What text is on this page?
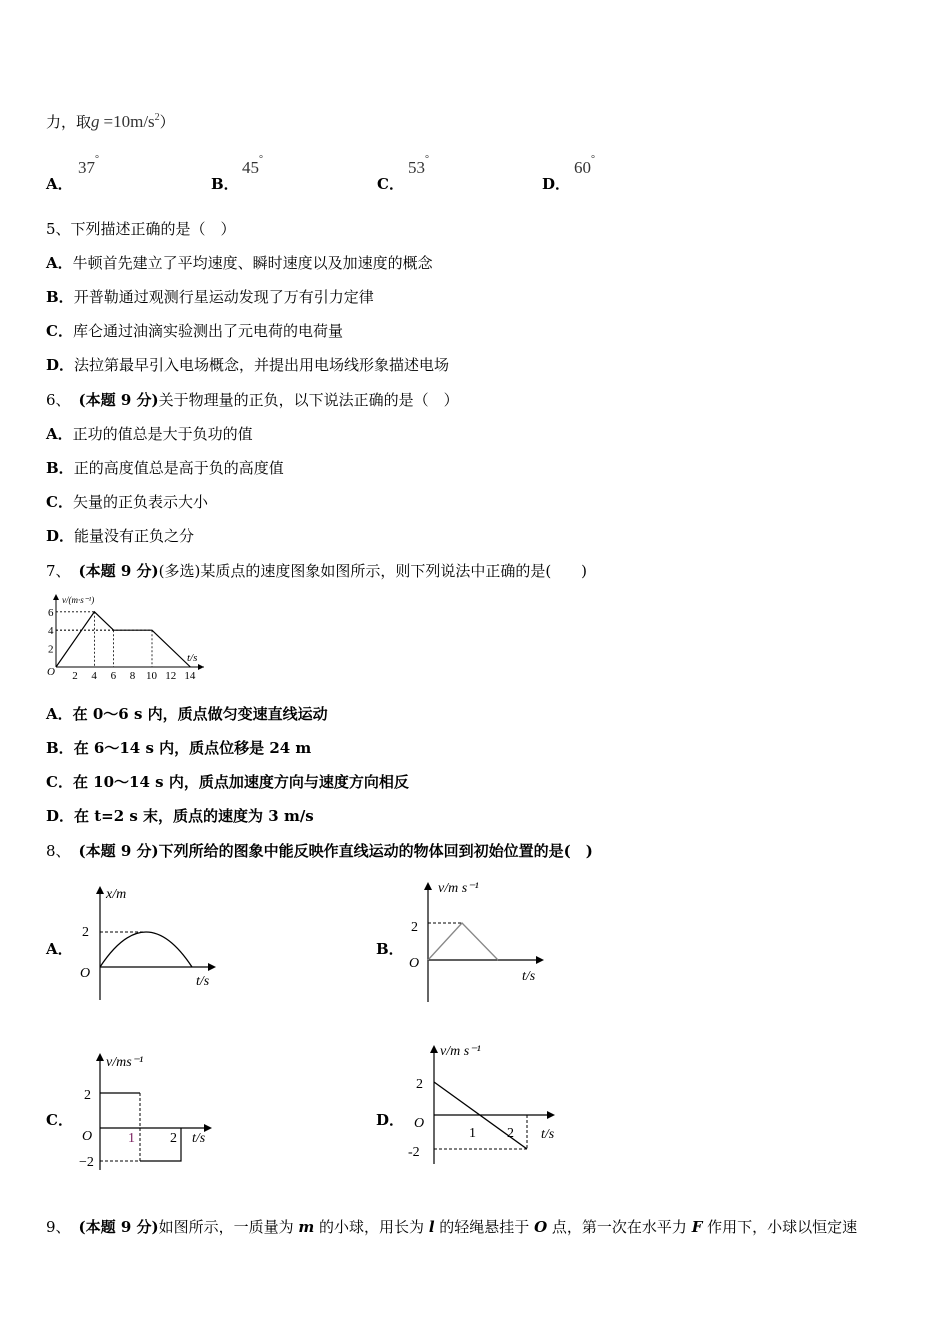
力，取$g =10m/s^2$）
A．
37°
B．
45°
C．
53°
D．
60°
5、下列描述正确的是（　）
A．牛顿首先建立了平均速度、瞬时速度以及加速度的概念
B．开普勒通过观测行星运动发现了万有引力定律
C．库仑通过油滴实验测出了元电荷的电荷量
D．法拉第最早引入电场概念，并提出用电场线形象描述电场
6、 (本题 9 分)关于物理量的正负，以下说法正确的是（　）
A．正功的值总是大于负功的值
B．正的高度值总是高于负的高度值
C．矢量的正负表示大小
D．能量没有正负之分
7、 (本题 9 分)(多选)某质点的速度图象如图所示，则下列说法中正确的是(　　)
v/(m·s⁻¹)
t/s
O 2 4 6 8 10 12 14
2
4
6
A．在 0～6 s 内，质点做匀变速直线运动
B．在 6～14 s 内，质点位移是 24 m
C．在 10～14 s 内，质点加速度方向与速度方向相反
D．在 t=2 s 末，质点的速度为 3 m/s
8、 (本题 9 分)下列所给的图象中能反映作直线运动的物体回到初始位置的是(　)
A．
x/m
2
O
t/s
B．
v/m s⁻¹
2
O
t/s
C．
v/ms⁻¹
2
−2
O	1	2 t/s
D．
v/m s⁻¹
2
-2
O
1 2 t/s
9、 (本题 9 分)如图所示，一质量为 m 的小球，用长为 l 的轻绳悬挂于 O 点，第一次在水平力 F 作用下，小球以恒定速
